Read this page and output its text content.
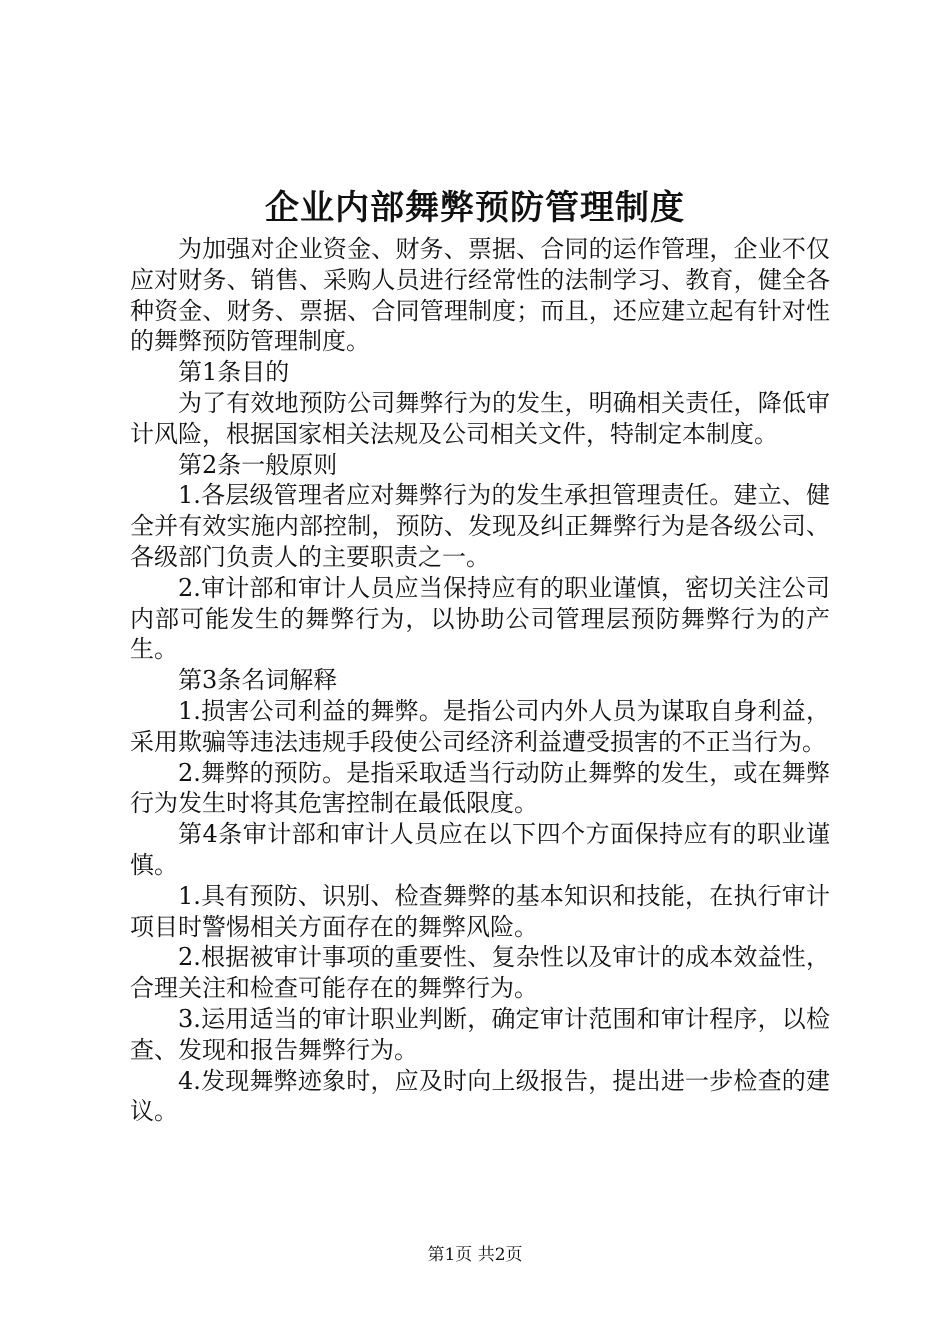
企业内部舞弊预防管理制度

为加强对企业资金、财务、票据、合同的运作管理，企业不仅应对财务、销售、采购人员进行经常性的法制学习、教育，健全各种资金、财务、票据、合同管理制度；而且，还应建立起有针对性的舞弊预防管理制度。

第1条目的

为了有效地预防公司舞弊行为的发生，明确相关责任，降低审计风险，根据国家相关法规及公司相关文件，特制定本制度。

第2条一般原则

1.各层级管理者应对舞弊行为的发生承担管理责任。建立、健全并有效实施内部控制，预防、发现及纠正舞弊行为是各级公司、各级部门负责人的主要职责之一。

2.审计部和审计人员应当保持应有的职业谨慎，密切关注公司内部可能发生的舞弊行为，以协助公司管理层预防舞弊行为的产生。

第3条名词解释

1.损害公司利益的舞弊。是指公司内外人员为谋取自身利益，采用欺骗等违法违规手段使公司经济利益遭受损害的不正当行为。

2.舞弊的预防。是指采取适当行动防止舞弊的发生，或在舞弊行为发生时将其危害控制在最低限度。

第4条审计部和审计人员应在以下四个方面保持应有的职业谨慎。

1.具有预防、识别、检查舞弊的基本知识和技能，在执行审计项目时警惕相关方面存在的舞弊风险。

2.根据被审计事项的重要性、复杂性以及审计的成本效益性，合理关注和检查可能存在的舞弊行为。

3.运用适当的审计职业判断，确定审计范围和审计程序，以检查、发现和报告舞弊行为。

4.发现舞弊迹象时，应及时向上级报告，提出进一步检查的建议。

第1页 共2页
